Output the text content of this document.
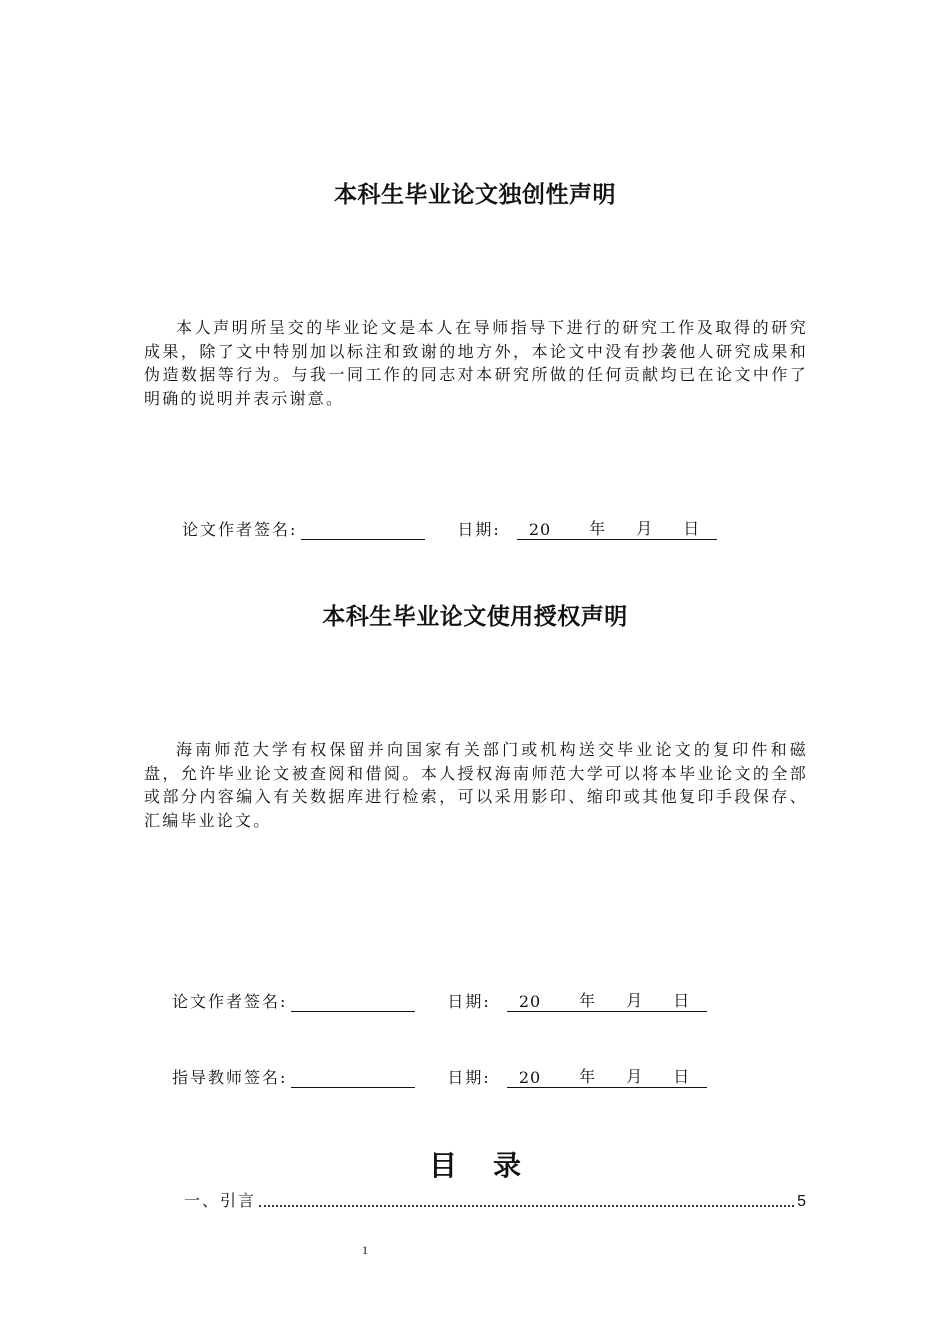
本科生毕业论文独创性声明
本人声明所呈交的毕业论文是本人在导师指导下进行的研究工作及取得的研究成果，除了文中特别加以标注和致谢的地方外，本论文中没有抄袭他人研究成果和伪造数据等行为。与我一同工作的同志对本研究所做的任何贡献均已在论文中作了明确的说明并表示谢意。
论文作者签名:	日期: 20 年 月 日
本科生毕业论文使用授权声明
海南师范大学有权保留并向国家有关部门或机构送交毕业论文的复印件和磁盘，允许毕业论文被查阅和借阅。本人授权海南师范大学可以将本毕业论文的全部或部分内容编入有关数据库进行检索，可以采用影印、缩印或其他复印手段保存、汇编毕业论文。
论文作者签名:	日期: 20 年 月 日
指导教师签名:	日期: 20 年 月 日
目录
一、引言	5
1
